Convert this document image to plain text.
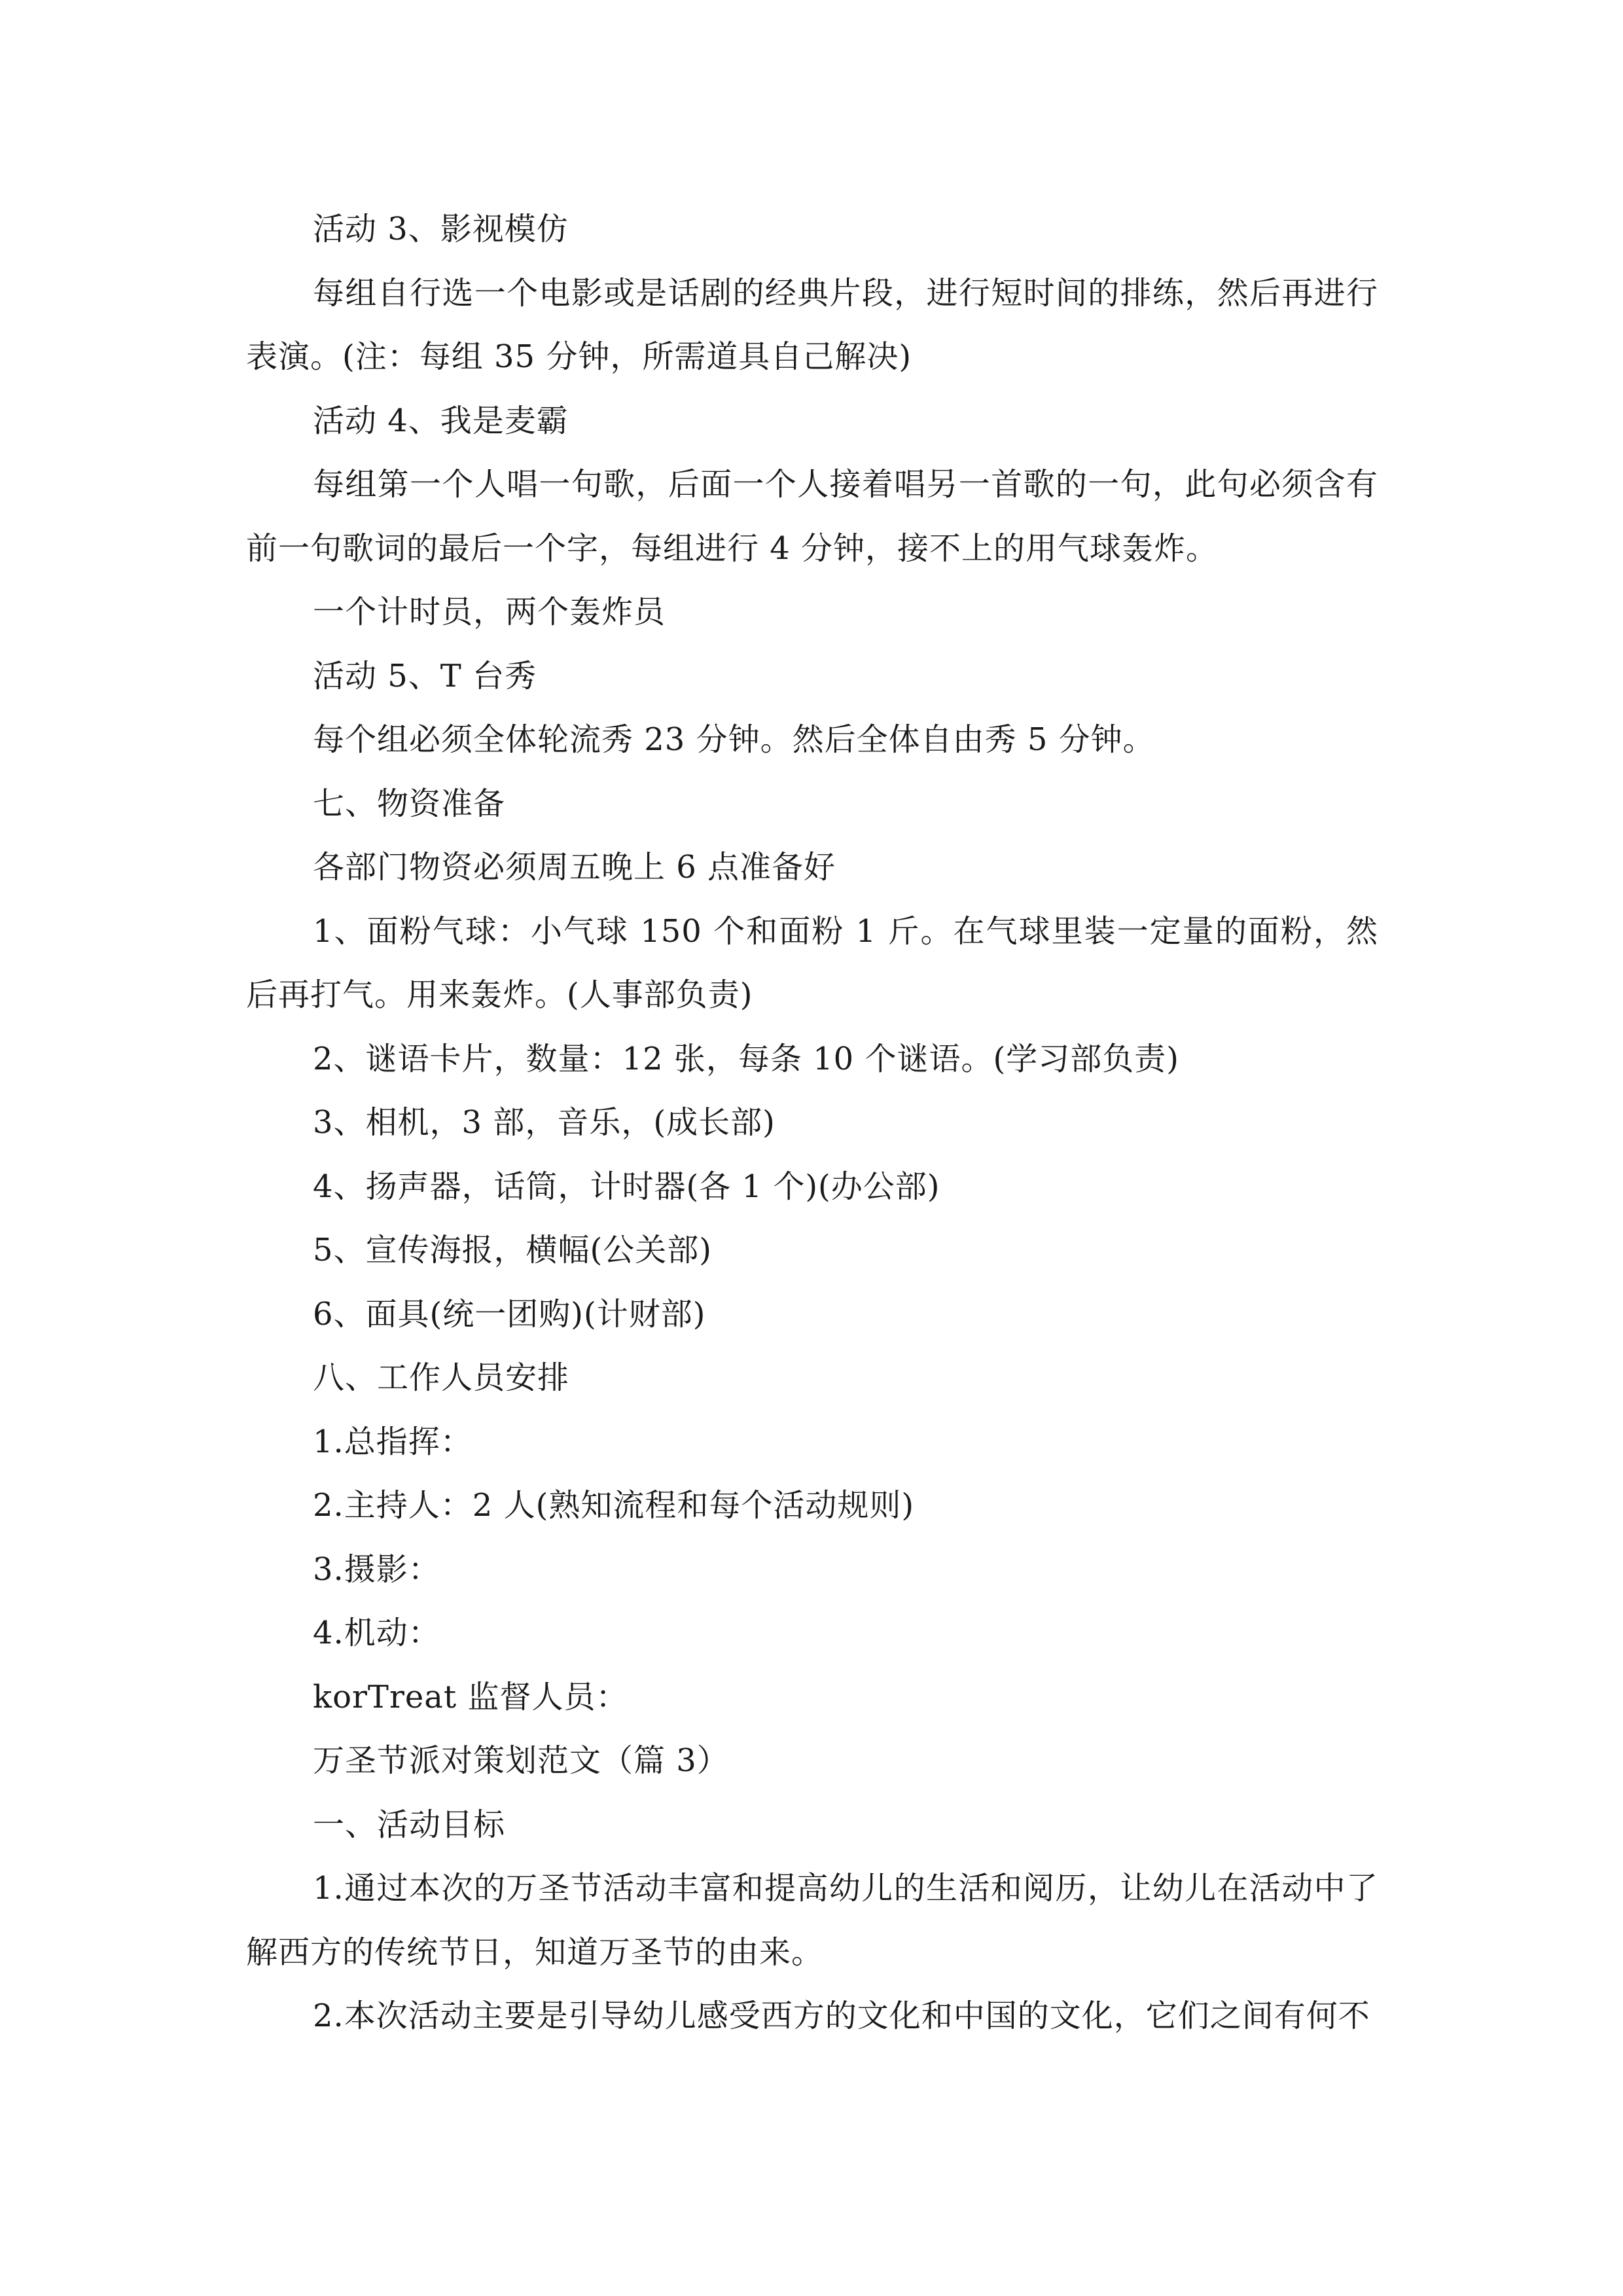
活动 3、影视模仿

每组自行选一个电影或是话剧的经典片段，进行短时间的排练，然后再进行表演。(注：每组 35 分钟，所需道具自己解决)

活动 4、我是麦霸

每组第一个人唱一句歌，后面一个人接着唱另一首歌的一句，此句必须含有前一句歌词的最后一个字，每组进行 4 分钟，接不上的用气球轰炸。

一个计时员，两个轰炸员

活动 5、T 台秀

每个组必须全体轮流秀 23 分钟。然后全体自由秀 5 分钟。

七、物资准备

各部门物资必须周五晚上 6 点准备好

1、面粉气球：小气球 150 个和面粉 1 斤。在气球里装一定量的面粉，然后再打气。用来轰炸。(人事部负责)

2、谜语卡片，数量：12 张，每条 10 个谜语。(学习部负责)

3、相机，3 部，音乐，(成长部)

4、扬声器，话筒，计时器(各 1 个)(办公部)

5、宣传海报，横幅(公关部)

6、面具(统一团购)(计财部)

八、工作人员安排

1.总指挥：

2.主持人：2 人(熟知流程和每个活动规则)

3.摄影：

4.机动：

korTreat 监督人员：

万圣节派对策划范文（篇 3）

一、活动目标

1.通过本次的万圣节活动丰富和提高幼儿的生活和阅历，让幼儿在活动中了解西方的传统节日，知道万圣节的由来。

2.本次活动主要是引导幼儿感受西方的文化和中国的文化，它们之间有何不
